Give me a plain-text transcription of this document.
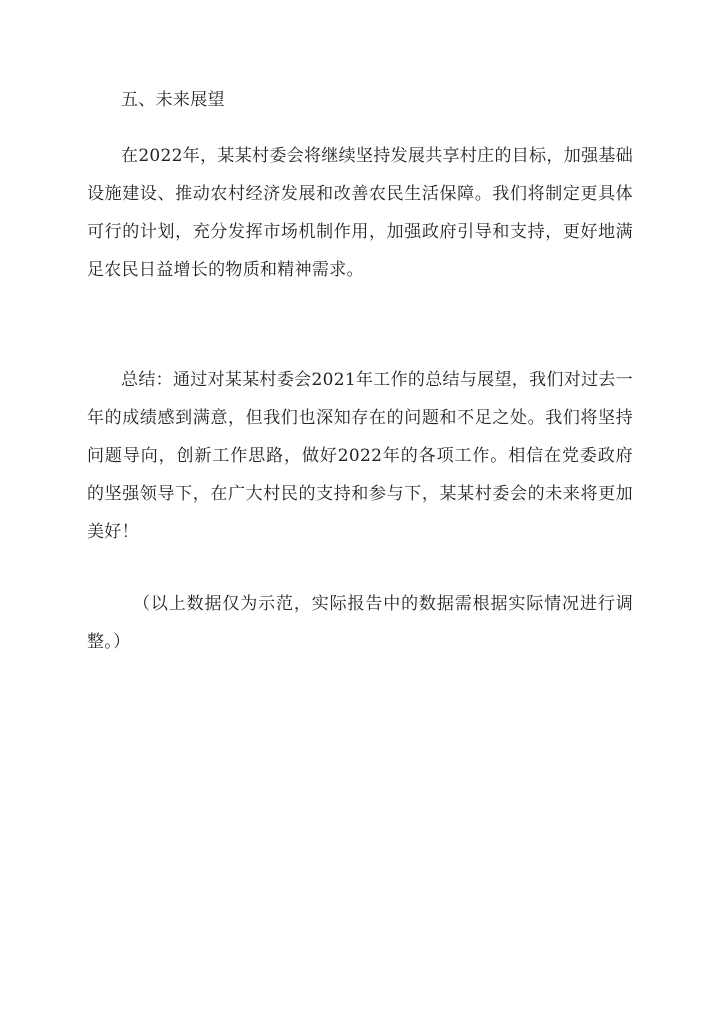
五、未来展望

在2022年，某某村委会将继续坚持发展共享村庄的目标，加强基础设施建设、推动农村经济发展和改善农民生活保障。我们将制定更具体可行的计划，充分发挥市场机制作用，加强政府引导和支持，更好地满足农民日益增长的物质和精神需求。

总结：通过对某某村委会2021年工作的总结与展望，我们对过去一年的成绩感到满意，但我们也深知存在的问题和不足之处。我们将坚持问题导向，创新工作思路，做好2022年的各项工作。相信在党委政府的坚强领导下，在广大村民的支持和参与下，某某村委会的未来将更加美好！

（以上数据仅为示范，实际报告中的数据需根据实际情况进行调整。）
